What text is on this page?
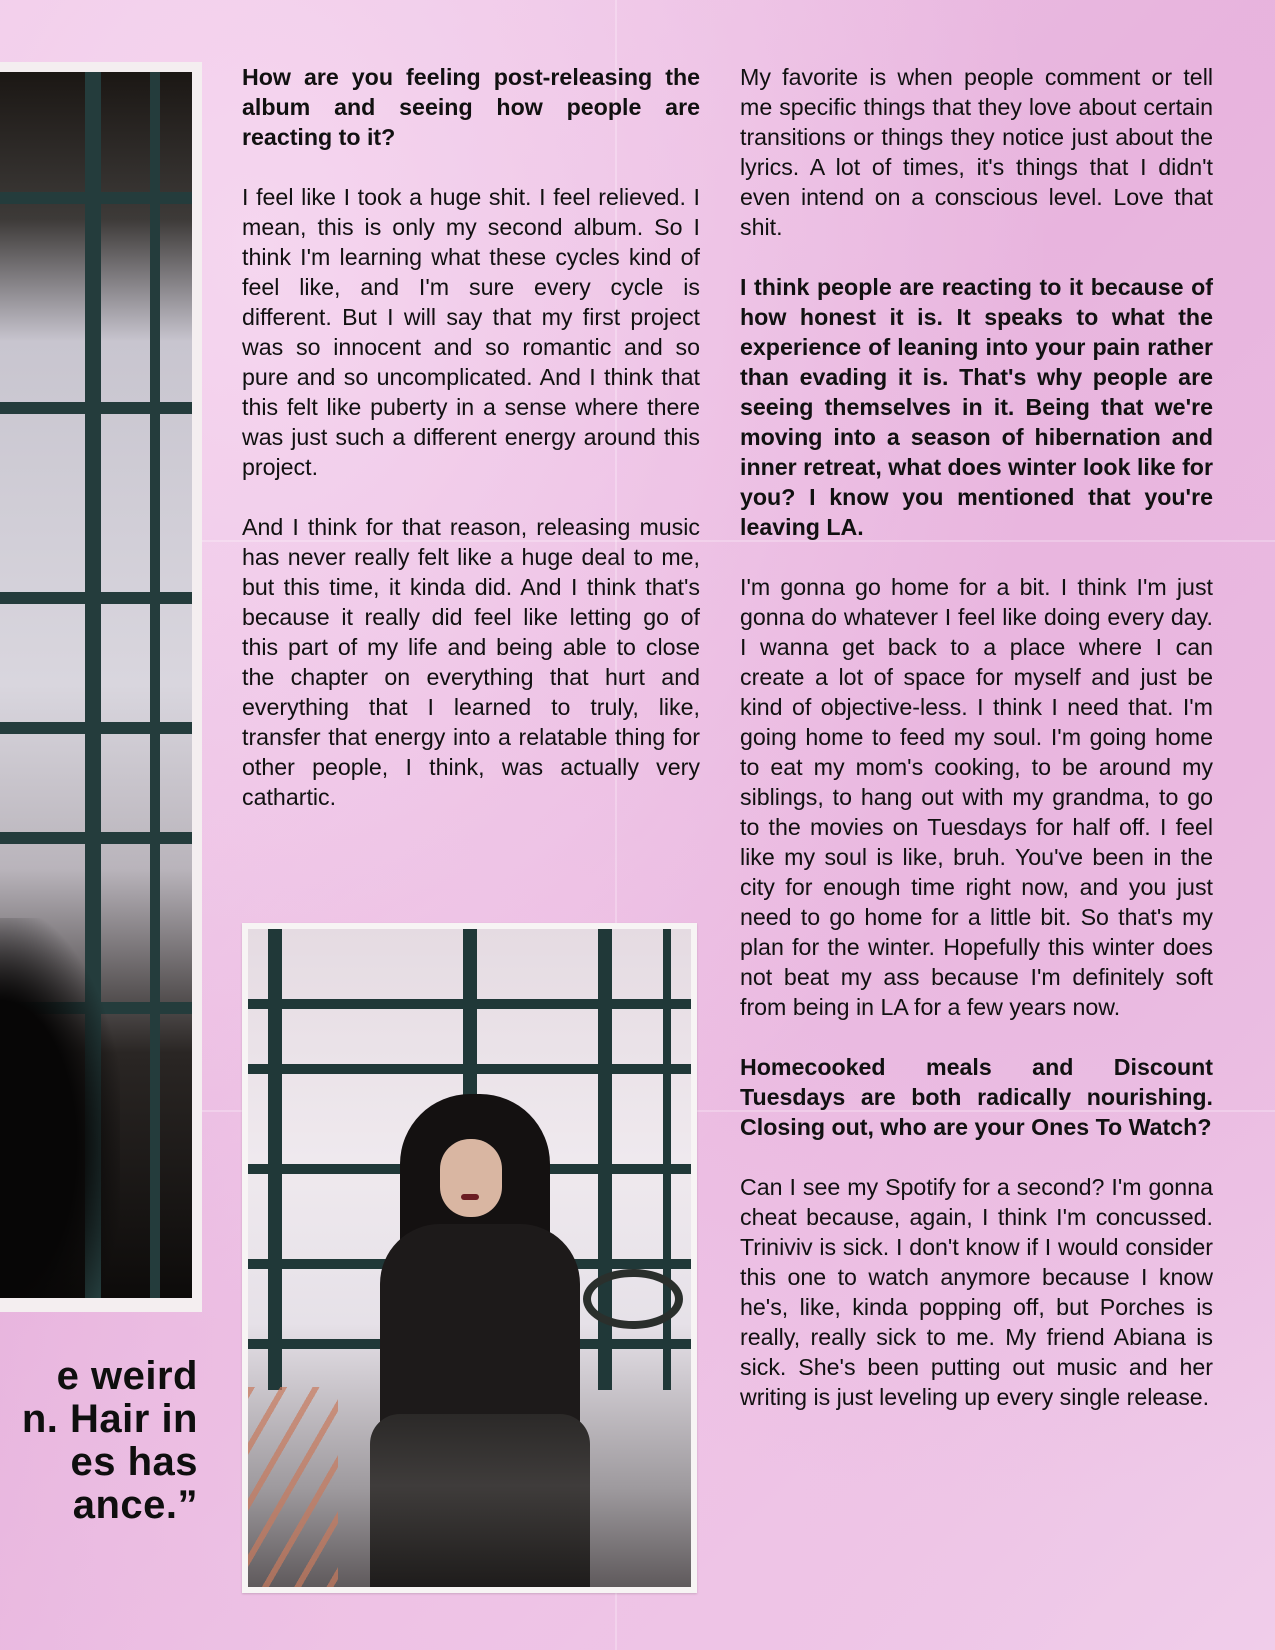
e weird
n. Hair in
es has
ance.”

How are you feeling post-releasing the album and seeing how people are reacting to it?

I feel like I took a huge shit. I feel relieved. I mean, this is only my second album. So I think I'm learning what these cycles kind of feel like, and I'm sure every cycle is different. But I will say that my first project was so innocent and so romantic and so pure and so uncomplicated. And I think that this felt like puberty in a sense where there was just such a different energy around this project.

And I think for that reason, releasing music has never really felt like a huge deal to me, but this time, it kinda did. And I think that's because it really did feel like letting go of this part of my life and being able to close the chapter on everything that hurt and everything that I learned to truly, like, transfer that energy into a relatable thing for other people, I think, was actually very cathartic.

My favorite is when people comment or tell me specific things that they love about certain transitions or things they notice just about the lyrics. A lot of times, it's things that I didn't even intend on a conscious level. Love that shit.

I think people are reacting to it because of how honest it is. It speaks to what the experience of leaning into your pain rather than evading it is. That's why people are seeing themselves in it. Being that we're moving into a season of hibernation and inner retreat, what does winter look like for you? I know you mentioned that you're leaving LA.

I'm gonna go home for a bit. I think I'm just gonna do whatever I feel like doing every day. I wanna get back to a place where I can create a lot of space for myself and just be kind of objective-less. I think I need that. I'm going home to feed my soul. I'm going home to eat my mom's cooking, to be around my siblings, to hang out with my grandma, to go to the movies on Tuesdays for half off. I feel like my soul is like, bruh. You've been in the city for enough time right now, and you just need to go home for a little bit. So that's my plan for the winter. Hopefully this winter does not beat my ass because I'm definitely soft from being in LA for a few years now.

Homecooked meals and Discount Tuesdays are both radically nourishing. Closing out, who are your Ones To Watch?

Can I see my Spotify for a second? I'm gonna cheat because, again, I think I'm concussed. Triniviv is sick. I don't know if I would consider this one to watch anymore because I know he's, like, kinda popping off, but Porches is really, really sick to me. My friend Abiana is sick. She's been putting out music and her writing is just leveling up every single release.
